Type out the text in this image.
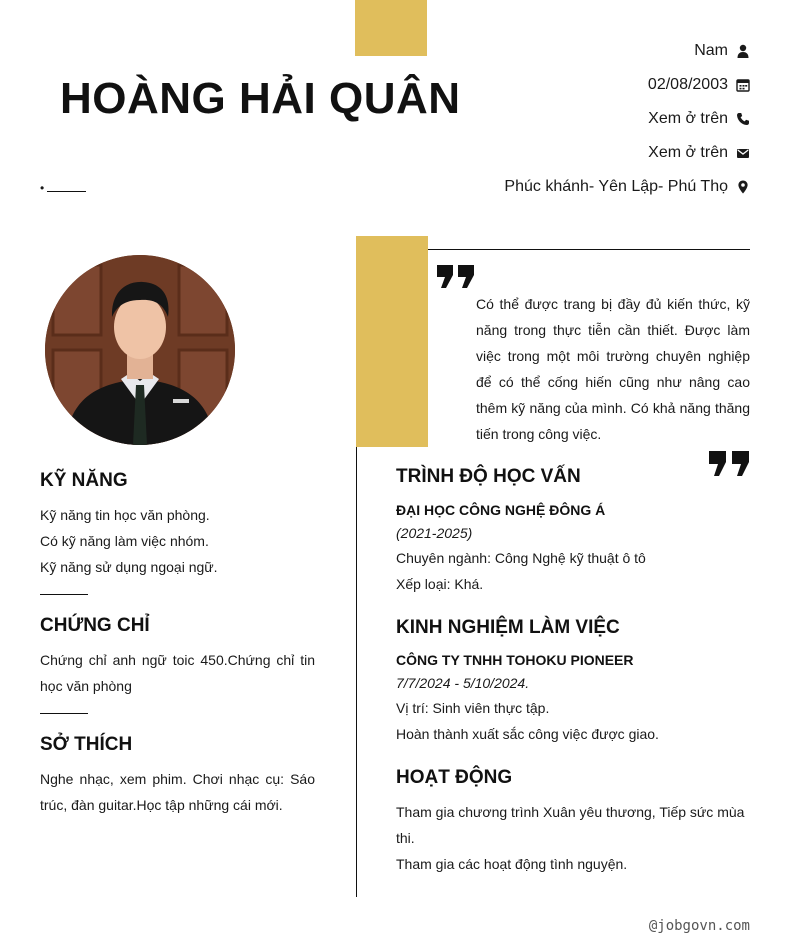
HOÀNG HẢI QUÂN
•
Nam
02/08/2003
Xem ở trên
Xem ở trên
Phúc khánh- Yên Lập- Phú Thọ
Có thể được trang bị đầy đủ kiến thức, kỹ năng trong thực tiễn cần thiết. Được làm việc trong một môi trường chuyên nghiệp để có thể cống hiến cũng như nâng cao thêm kỹ năng của mình. Có khả năng thăng tiến trong công việc.
KỸ NĂNG
Kỹ năng tin học văn phòng.
Có kỹ năng làm việc nhóm.
Kỹ năng sử dụng ngoại ngữ.
CHỨNG CHỈ
Chứng chỉ anh ngữ toic 450.Chứng chỉ tin học văn phòng
SỞ THÍCH
Nghe nhạc, xem phim. Chơi nhạc cụ: Sáo trúc, đàn guitar.Học tập những cái mới.
TRÌNH ĐỘ HỌC VẤN
ĐẠI HỌC CÔNG NGHỆ ĐÔNG Á
(2021-2025)
Chuyên ngành: Công Nghệ kỹ thuật ô tô
Xếp loại: Khá.
KINH NGHIỆM LÀM VIỆC
CÔNG TY TNHH TOHOKU PIONEER
7/7/2024 - 5/10/2024.
Vị trí: Sinh viên thực tập.
Hoàn thành xuất sắc công việc được giao.
HOẠT ĐỘNG
Tham gia chương trình Xuân yêu thương, Tiếp sức mùa thi.
Tham gia các hoạt động tình nguyện.
@jobgovn.com
